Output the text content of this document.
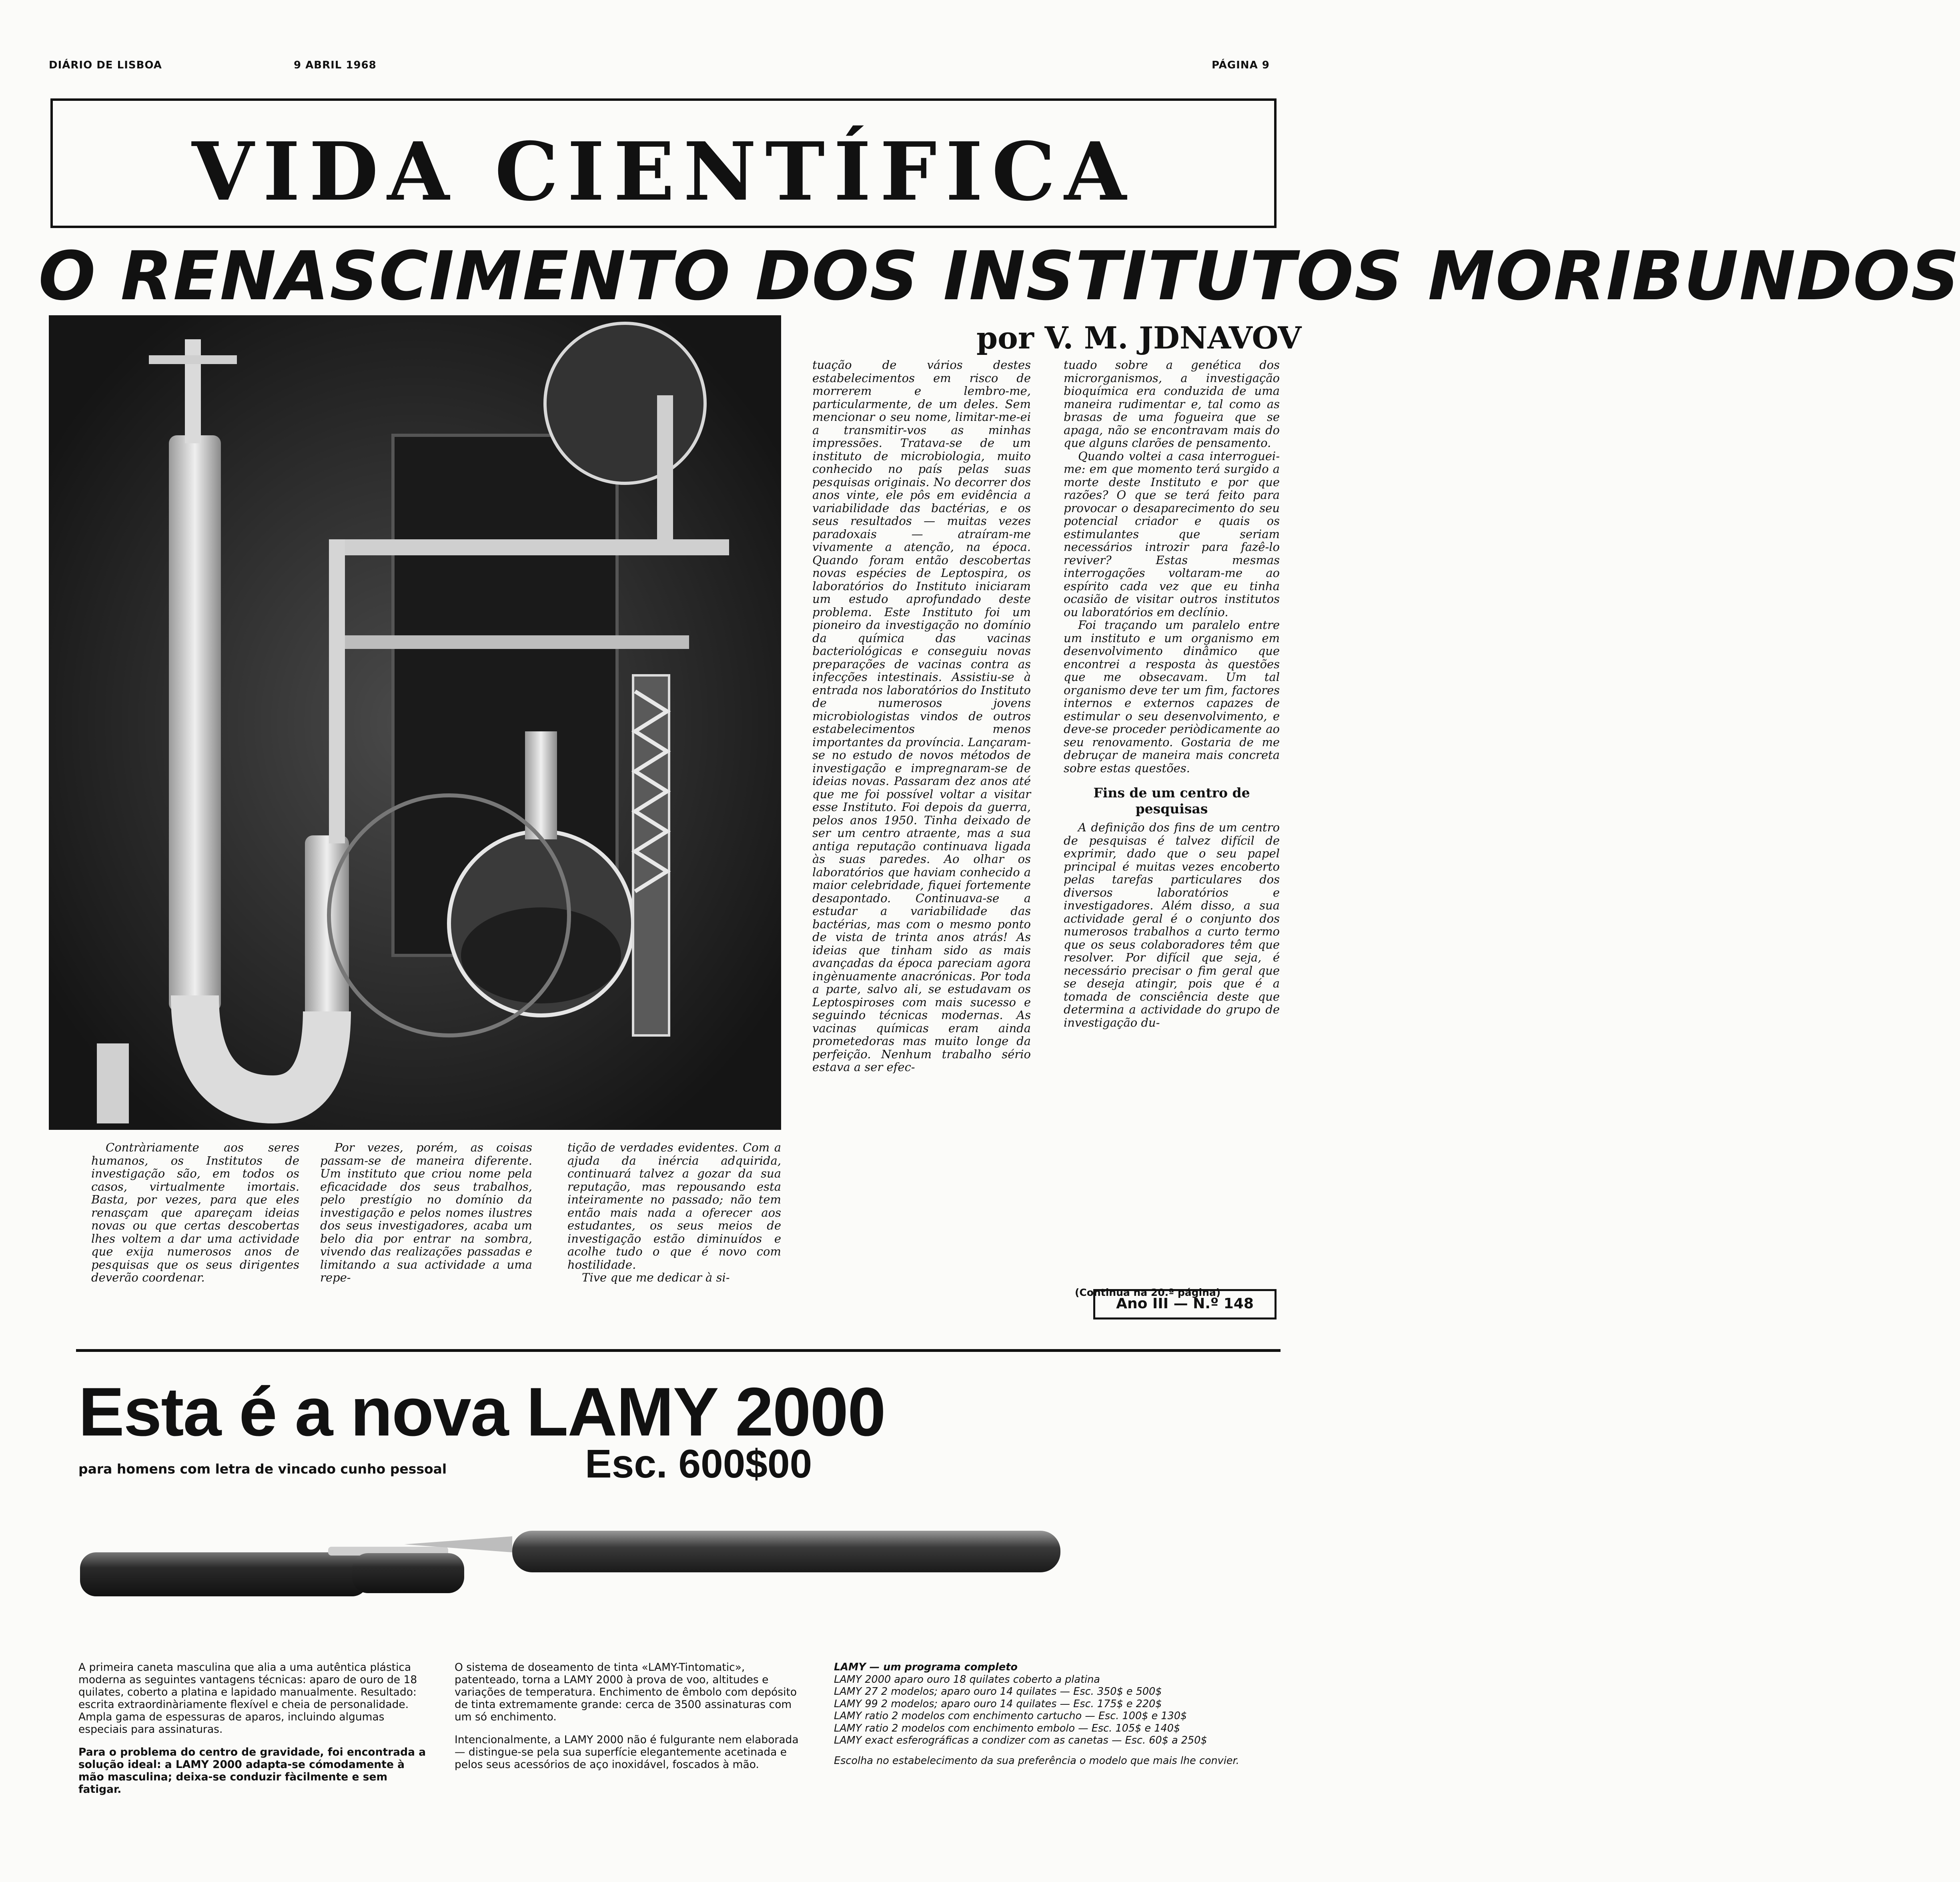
DIÁRIO DE LISBOA	9 ABRIL 1968	PÁGINA 9
VIDA CIENTÍFICA
O RENASCIMENTO DOS INSTITUTOS MORIBUNDOS
por V. M. JDNAVOV

Contràriamente aos seres humanos, os Institutos de investigação são, em todos os casos, virtualmente imortais. Basta, por vezes, para que eles renasçam que apareçam ideias novas ou que certas descobertas lhes voltem a dar uma actividade que exija numerosos anos de pesquisas que os seus dirigentes deverão coordenar.

Por vezes, porém, as coisas passam-se de maneira diferente. Um instituto que criou nome pela eficacidade dos seus trabalhos, pelo prestígio no domínio da investigação e pelos nomes ilustres dos seus investigadores, acaba um belo dia por entrar na sombra, vivendo das realizações passadas e limitando a sua actividade a uma repe-

tição de verdades evidentes. Com a ajuda da inércia adquirida, continuará talvez a gozar da sua reputação, mas repousando esta inteiramente no passado; não tem então mais nada a oferecer aos estudantes, os seus meios de investigação estão diminuídos e acolhe tudo o que é novo com hostilidade.

Tive que me dedicar à si-

tuação de vários destes estabelecimentos em risco de morrerem e lembro-me, particularmente, de um deles. Sem mencionar o seu nome, limitar-me-ei a transmitir-vos as minhas impressões. Tratava-se de um instituto de microbiologia, muito conhecido no país pelas suas pesquisas originais. No decorrer dos anos vinte, ele pôs em evidência a variabilidade das bactérias, e os seus resultados — muitas vezes paradoxais — atraíram-me vivamente a atenção, na época. Quando foram então descobertas novas espécies de Leptospira, os laboratórios do Instituto iniciaram um estudo aprofundado deste problema. Este Instituto foi um pioneiro da investigação no domínio da química das vacinas bacteriológicas e conseguiu novas preparações de vacinas contra as infecções intestinais. Assistiu-se à entrada nos laboratórios do Instituto de numerosos jovens microbiologistas vindos de outros estabelecimentos menos importantes da província. Lançaram-se no estudo de novos métodos de investigação e impregnaram-se de ideias novas. Passaram dez anos até que me foi possível voltar a visitar esse Instituto. Foi depois da guerra, pelos anos 1950. Tinha deixado de ser um centro atraente, mas a sua antiga reputação continuava ligada às suas paredes. Ao olhar os laboratórios que haviam conhecido a maior celebridade, fiquei fortemente desapontado. Continuava-se a estudar a variabilidade das bactérias, mas com o mesmo ponto de vista de trinta anos atrás! As ideias que tinham sido as mais avançadas da época pareciam agora ingènuamente anacrónicas. Por toda a parte, salvo ali, se estudavam os Leptospiroses com mais sucesso e seguindo técnicas modernas. As vacinas químicas eram ainda prometedoras mas muito longe da perfeição. Nenhum trabalho sério estava a ser efec-

tuado sobre a genética dos microrganismos, a investigação bioquímica era conduzida de uma maneira rudimentar e, tal como as brasas de uma fogueira que se apaga, não se encontravam mais do que alguns clarões de pensamento.

Quando voltei a casa interroguei-me: em que momento terá surgido a morte deste Instituto e por que razões? O que se terá feito para provocar o desaparecimento do seu potencial criador e quais os estimulantes que seriam necessários introzir para fazê-lo reviver? Estas mesmas interrogações voltaram-me ao espírito cada vez que eu tinha ocasião de visitar outros institutos ou laboratórios em declínio.

Foi traçando um paralelo entre um instituto e um organismo em desenvolvimento dinâmico que encontrei a resposta às questões que me obsecavam. Um tal organismo deve ter um fim, factores internos e externos capazes de estimular o seu desenvolvimento, e deve-se proceder periòdicamente ao seu renovamento. Gostaria de me debruçar de maneira mais concreta sobre estas questões.

Fins de um centro de pesquisas

A definição dos fins de um centro de pesquisas é talvez difícil de exprimir, dado que o seu papel principal é muitas vezes encoberto pelas tarefas particulares dos diversos laboratórios e investigadores. Além disso, a sua actividade geral é o conjunto dos numerosos trabalhos a curto termo que os seus colaboradores têm que resolver. Por difícil que seja, é necessário precisar o fim geral que se deseja atingir, pois que é a tomada de consciência deste que determina a actividade do grupo de investigação du-

(Continua na 20.ª página)
Ano III — N.º 148
Esta é a nova LAMY 2000
para homens com letra de vincado cunho pessoal	Esc. 600$00

A primeira caneta masculina que alia a uma autêntica plástica moderna as seguintes vantagens técnicas: aparo de ouro de 18 quilates, coberto a platina e lapidado manualmente. Resultado: escrita extraordinàriamente flexível e cheia de personalidade. Ampla gama de espessuras de aparos, incluindo algumas especiais para assinaturas.

Para o problema do centro de gravidade, foi encontrada a solução ideal: a LAMY 2000 adapta-se cómodamente à mão masculina; deixa-se conduzir fàcilmente e sem fatigar.

O sistema de doseamento de tinta «LAMY-Tintomatic», patenteado, torna a LAMY 2000 à prova de voo, altitudes e variações de temperatura. Enchimento de êmbolo com depósito de tinta extremamente grande: cerca de 3500 assinaturas com um só enchimento.

Intencionalmente, a LAMY 2000 não é fulgurante nem elaborada — distingue-se pela sua superfície elegantemente acetinada e pelos seus acessórios de aço inoxidável, foscados à mão.

LAMY — um programa completo
LAMY 2000 aparo ouro 18 quilates coberto a platina
LAMY 27 2 modelos; aparo ouro 14 quilates — Esc. 350$ e 500$
LAMY 99 2 modelos; aparo ouro 14 quilates — Esc. 175$ e 220$
LAMY ratio 2 modelos com enchimento cartucho — Esc. 100$ e 130$
LAMY ratio 2 modelos com enchimento embolo — Esc. 105$ e 140$
LAMY exact esferográficas a condizer com as canetas — Esc. 60$ a 250$
Escolha no estabelecimento da sua preferência o modelo que mais lhe convier.
